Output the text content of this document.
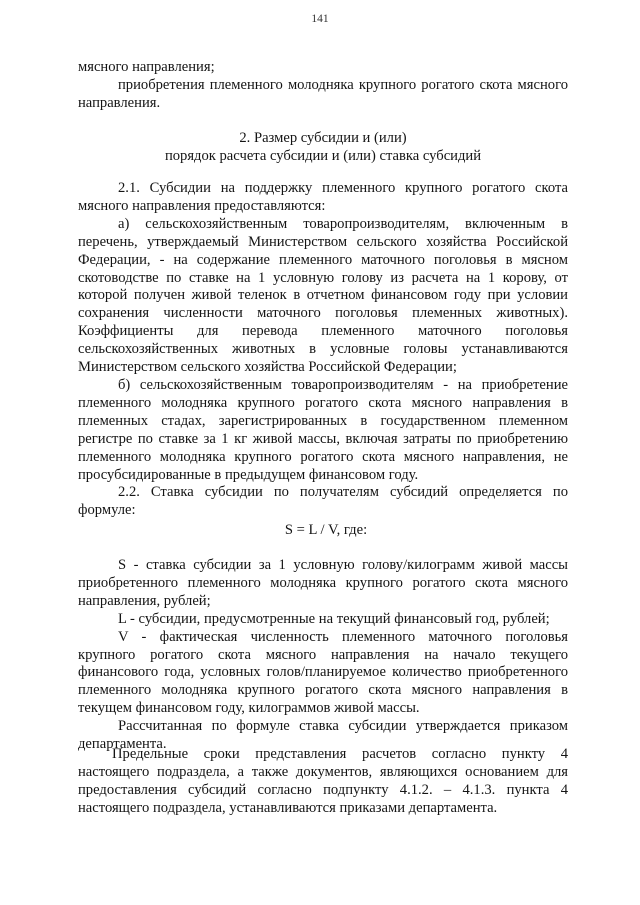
141

мясного направления;

приобретения племенного молодняка крупного рогатого скота мясного направления.

2. Размер субсидии и (или)

порядок расчета субсидии и (или) ставка субсидий

2.1. Субсидии на поддержку племенного крупного рогатого скота мясного направления предоставляются:

а) сельскохозяйственным товаропроизводителям, включенным в перечень, утверждаемый Министерством сельского хозяйства Российской Федерации, - на содержание племенного маточного поголовья в мясном скотоводстве по ставке на 1 условную голову из расчета на 1 корову, от которой получен живой теленок в отчетном финансовом году при условии сохранения численности маточного поголовья племенных животных). Коэффициенты для перевода племенного маточного поголовья сельскохозяйственных животных в условные головы устанавливаются Министерством сельского хозяйства Российской Федерации;

б) сельскохозяйственным товаропроизводителям - на приобретение племенного молодняка крупного рогатого скота мясного направления в племенных стадах, зарегистрированных в государственном племенном регистре по ставке за 1 кг живой массы, включая затраты по приобретению племенного молодняка крупного рогатого скота мясного направления, не просубсидированные в предыдущем финансовом году.

2.2. Ставка субсидии по получателям субсидий определяется по формуле:

S = L / V, где:

S - ставка субсидии за 1 условную голову/килограмм живой массы приобретенного племенного молодняка крупного рогатого скота мясного направления, рублей;

L - субсидии, предусмотренные на текущий финансовый год, рублей;

V - фактическая численность племенного маточного поголовья крупного рогатого скота мясного направления на начало текущего финансового года, условных голов/планируемое количество приобретенного племенного молодняка крупного рогатого скота мясного направления в текущем финансовом году, килограммов живой массы.

Рассчитанная по формуле ставка субсидии утверждается приказом департамента.

Предельные сроки представления расчетов согласно пункту 4 настоящего подраздела, а также документов, являющихся основанием для предоставления субсидий согласно подпункту 4.1.2. – 4.1.3. пункта 4 настоящего подраздела, устанавливаются приказами департамента.
